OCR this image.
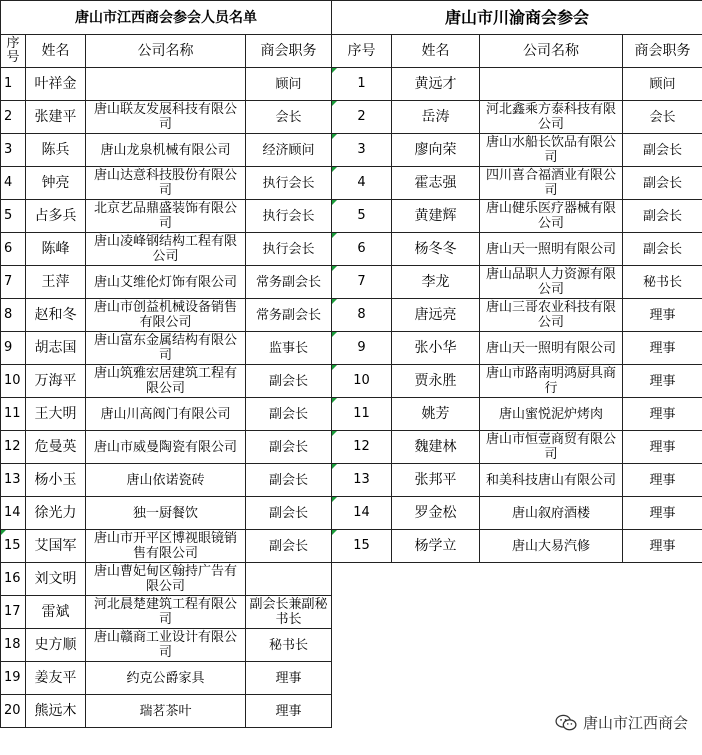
唐山市江西商会参会人员名单			
序
号	姓名	公司名称	商会职务
1	叶祥金		顾问
2	张建平	唐山联友发展科技有限公司	会长
3	陈兵	唐山龙泉机械有限公司	经济顾问
4	钟亮	唐山达意科技股份有限公司	执行会长
5	占多兵	北京艺品鼎盛装饰有限公司	执行会长
6	陈峰	唐山凌峰钢结构工程有限公司	执行会长
7	王萍	唐山艾维伦灯饰有限公司	常务副会长
8	赵和冬	唐山市创益机械设备销售有限公司	常务副会长
9	胡志国	唐山富东金属结构有限公司	监事长
10	万海平	唐山筑雅宏居建筑工程有限公司	副会长
11	王大明	唐山川高阀门有限公司	副会长
12	危曼英	唐山市威曼陶瓷有限公司	副会长
13	杨小玉	唐山依诺瓷砖	副会长
14	徐光力	独一厨餐饮	副会长
15	艾国军	唐山市开平区博视眼镜销售有限公司	副会长
16	刘文明	唐山曹妃甸区翰持广告有限公司	
17	雷斌	河北晨楚建筑工程有限公司	副会长兼副秘书长
18	史方顺	唐山赣商工业设计有限公司	秘书长
19	姜友平	约克公爵家具	理事
20	熊远木	瑞茗茶叶	理事
唐山市川渝商会参会			
序号	姓名	公司名称	商会职务
1	黄远才		顾问
2	岳涛	河北鑫乘方泰科技有限公司	会长
3	廖向荣	唐山水船长饮品有限公司	副会长
4	霍志强	四川喜合福酒业有限公司	副会长
5	黄建辉	唐山健乐医疗器械有限公司	副会长
6	杨冬冬	唐山天一照明有限公司	副会长
7	李龙	唐山品职人力资源有限公司	秘书长
8	唐远亮	唐山三哥农业科技有限公司	理事
9	张小华	唐山天一照明有限公司	理事
10	贾永胜	唐山市路南明鸿厨具商行	理事
11	姚芳	唐山蜜悦泥炉烤肉	理事
12	魏建林	唐山市恒壹商贸有限公司	理事
13	张邦平	和美科技唐山有限公司	理事
14	罗金松	唐山叙府酒楼	理事
15	杨学立	唐山大易汽修	理事
唐山市江西商会
